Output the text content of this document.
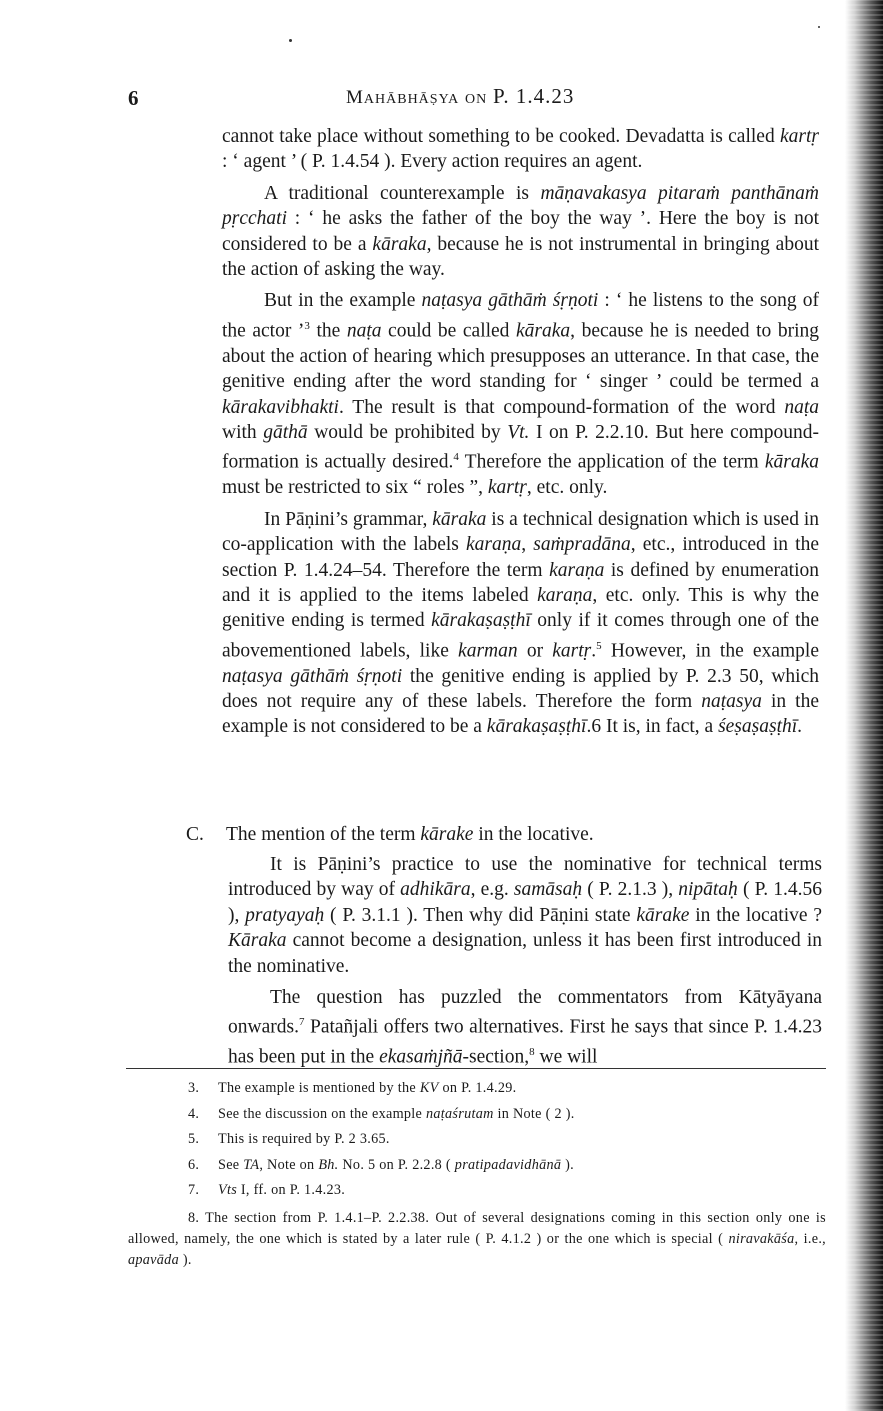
6	MAHĀBHĀṢYA ON P. 1.4.23

cannot take place without something to be cooked. Devadatta is called kartṛ : ‘ agent ’ ( P. 1.4.54 ). Every action requires an agent.

A traditional counterexample is māṇavakasya pitaraṁ panthānaṁ pṛcchati : ‘ he asks the father of the boy the way ’. Here the boy is not considered to be a kāraka, because he is not instrumental in bringing about the action of asking the way.

But in the example naṭasya gāthāṁ śṛṇoti : ‘ he listens to the song of the actor ’$^3$ the naṭa could be called kāraka, because he is needed to bring about the action of hearing which presupposes an utterance. In that case, the genitive ending after the word standing for ‘ singer ’ could be termed a kārakavibhakti. The result is that compound-formation of the word naṭa with gāthā would be prohibited by Vt. I on P. 2.2.10. But here compound-formation is actually desired.$^4$ Therefore the application of the term kāraka must be restricted to six “ roles ”, kartṛ, etc. only.

In Pāṇini’s grammar, kāraka is a technical designation which is used in co-application with the labels karaṇa, saṁpradāna, etc., introduced in the section P. 1.4.24–54. Therefore the term karaṇa is defined by enumeration and it is applied to the items labeled karaṇa, etc. only. This is why the genitive ending is termed kārakaṣaṣṭhī only if it comes through one of the abovementioned labels, like karman or kartṛ.$^5$ However, in the example naṭasya gāthāṁ śṛṇoti the genitive ending is applied by P. 2.3 50, which does not require any of these labels. Therefore the form naṭasya in the example is not considered to be a kārakaṣaṣṭhī.6 It is, in fact, a śeṣaṣaṣṭhī.

C. The mention of the term kārake in the locative.

It is Pāṇini’s practice to use the nominative for technical terms introduced by way of adhikāra, e.g. samāsaḥ ( P. 2.1.3 ), nipātaḥ ( P. 1.4.56 ), pratyayaḥ ( P. 3.1.1 ). Then why did Pāṇini state kārake in the locative ? Kāraka cannot become a designation, unless it has been first introduced in the nominative.

The question has puzzled the commentators from Kātyāyana onwards.$^7$ Patañjali offers two alternatives. First he says that since P. 1.4.23 has been put in the ekasaṁjñā-section,$^8$ we will

3.	The example is mentioned by the KV on P. 1.4.29.
4.	See the discussion on the example naṭaśrutam in Note ( 2 ).
5.	This is required by P. 2 3.65.
6.	See TA, Note on Bh. No. 5 on P. 2.2.8 ( pratipadavidhānā ).
7.	Vts I, ff. on P. 1.4.23.
8. The section from P. 1.4.1–P. 2.2.38. Out of several designations coming in this section only one is allowed, namely, the one which is stated by a later rule ( P. 4.1.2 ) or the one which is special ( niravakāśa, i.e., apavāda ).
